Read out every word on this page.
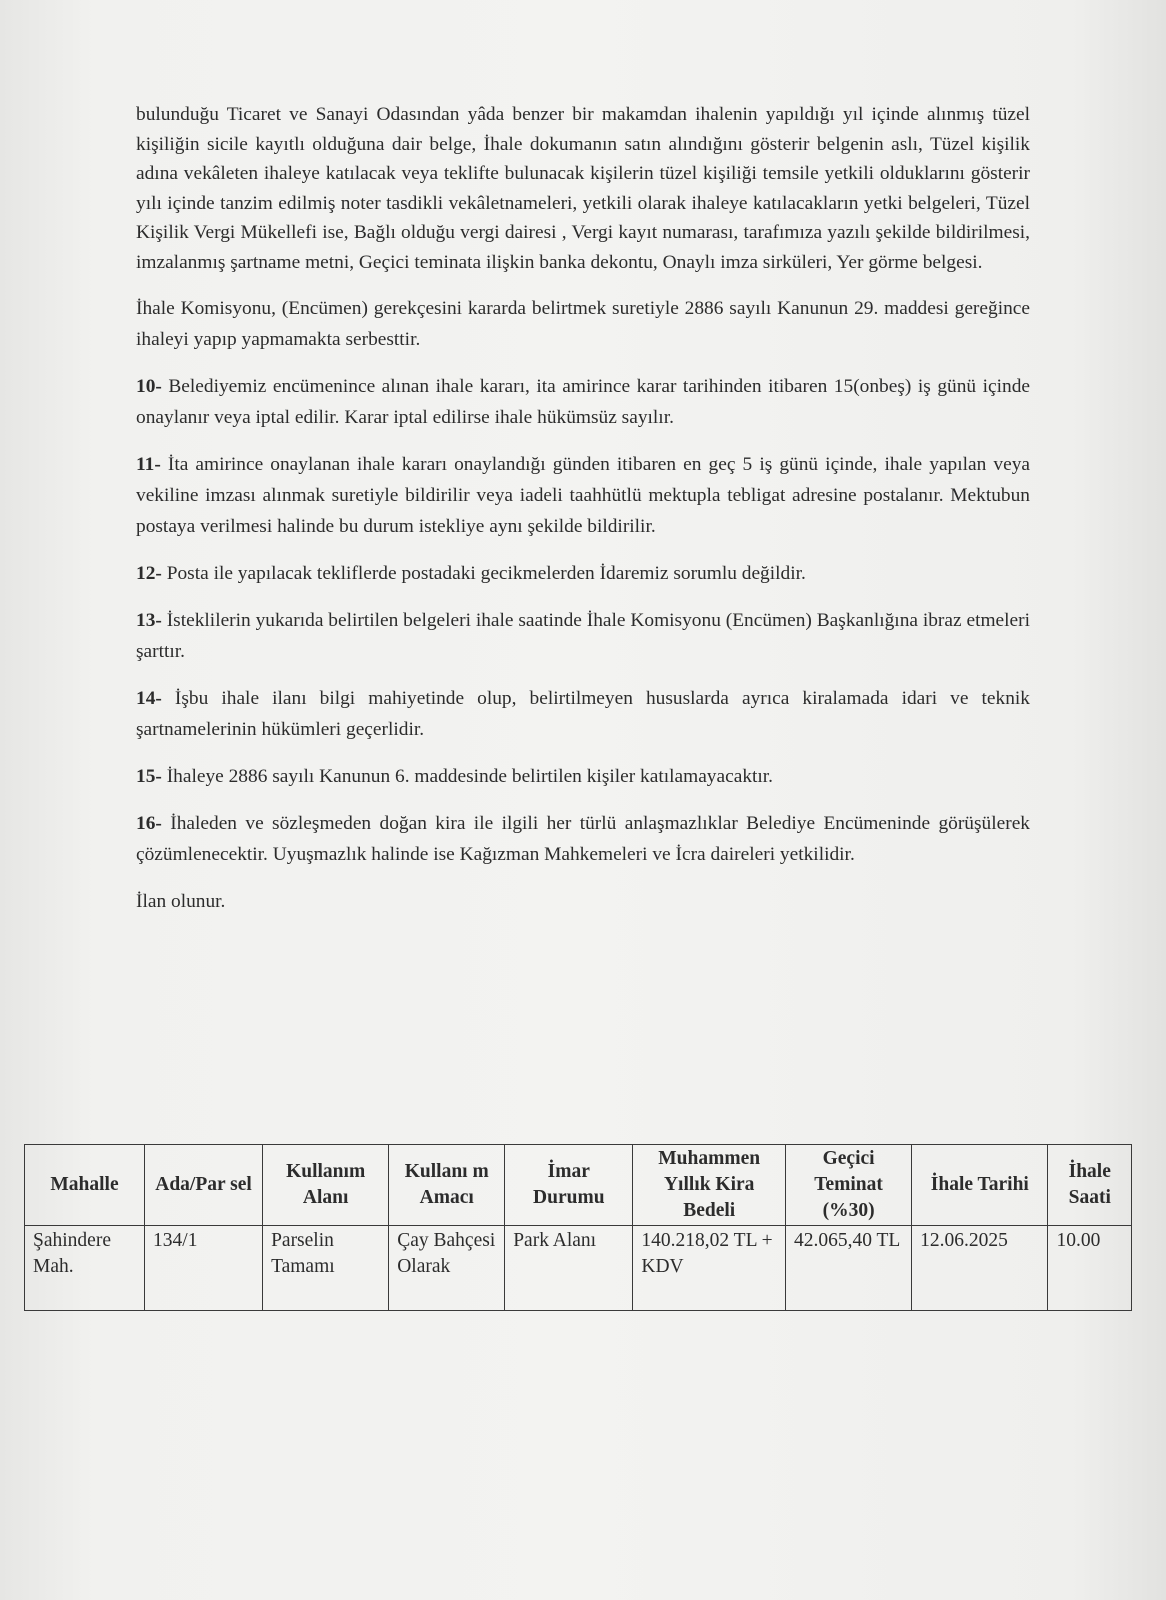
bulunduğu Ticaret ve Sanayi Odasından yâda benzer bir makamdan ihalenin yapıldığı yıl içinde alınmış tüzel kişiliğin sicile kayıtlı olduğuna dair belge, İhale dokumanın satın alındığını gösterir belgenin aslı, Tüzel kişilik adına vekâleten ihaleye katılacak veya teklifte bulunacak kişilerin tüzel kişiliği temsile yetkili olduklarını gösterir yılı içinde tanzim edilmiş noter tasdikli vekâletnameleri, yetkili olarak ihaleye katılacakların yetki belgeleri, Tüzel Kişilik Vergi Mükellefi ise, Bağlı olduğu vergi dairesi , Vergi kayıt numarası, tarafımıza yazılı şekilde bildirilmesi, imzalanmış şartname metni, Geçici teminata ilişkin banka dekontu, Onaylı imza sirküleri, Yer görme belgesi.

İhale Komisyonu, (Encümen) gerekçesini kararda belirtmek suretiyle 2886 sayılı Kanunun 29. maddesi gereğince ihaleyi yapıp yapmamakta serbesttir.

10- Belediyemiz encümenince alınan ihale kararı, ita amirince karar tarihinden itibaren 15(onbeş) iş günü içinde onaylanır veya iptal edilir. Karar iptal edilirse ihale hükümsüz sayılır.

11- İta amirince onaylanan ihale kararı onaylandığı günden itibaren en geç 5 iş günü içinde, ihale yapılan veya vekiline imzası alınmak suretiyle bildirilir veya iadeli taahhütlü mektupla tebligat adresine postalanır. Mektubun postaya verilmesi halinde bu durum istekliye aynı şekilde bildirilir.

12- Posta ile yapılacak tekliflerde postadaki gecikmelerden İdaremiz sorumlu değildir.

13- İsteklilerin yukarıda belirtilen belgeleri ihale saatinde İhale Komisyonu (Encümen) Başkanlığına ibraz etmeleri şarttır.

14- İşbu ihale ilanı bilgi mahiyetinde olup, belirtilmeyen hususlarda ayrıca kiralamada idari ve teknik şartnamelerinin hükümleri geçerlidir.

15- İhaleye 2886 sayılı Kanunun 6. maddesinde belirtilen kişiler katılamayacaktır.

16- İhaleden ve sözleşmeden doğan kira ile ilgili her türlü anlaşmazlıklar Belediye Encümeninde görüşülerek çözümlenecektir. Uyuşmazlık halinde ise Kağızman Mahkemeleri ve İcra daireleri yetkilidir.

İlan olunur.

Mahalle	Ada/Par sel	Kullanım Alanı	Kullanı m Amacı	İmar Durumu	Muhammen Yıllık Kira Bedeli	Geçici Teminat (%30)	İhale Tarihi	İhale Saati
Şahindere Mah.	134/1	Parselin Tamamı	Çay Bahçesi Olarak	Park Alanı	140.218,02 TL + KDV	42.065,40 TL	12.06.2025	10.00
